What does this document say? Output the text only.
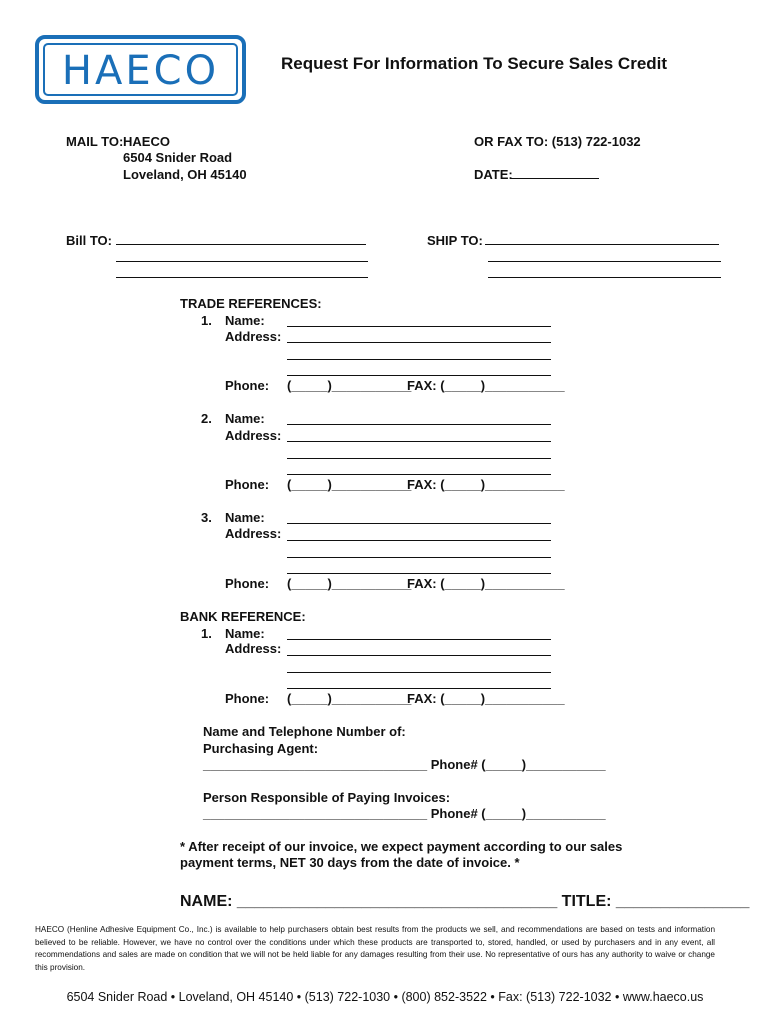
HAECO	Request For Information To Secure Sales Credit
MAIL TO: HAECO
6504 Snider Road
Loveland, OH 45140
OR FAX TO: (513) 722-1032
DATE:
Bill TO:	SHIP TO:
TRADE REFERENCES:
1. Name:
Address:
Phone: (_____)___________
FAX: (_____)___________
2. Name:
Address:
Phone: (_____)___________
FAX: (_____)___________
3. Name:
Address:
Phone: (_____)___________
FAX: (_____)___________
BANK REFERENCE:
1. Name:
Address:
Phone: (_____)___________
FAX: (_____)___________
Name and Telephone Number of:
Purchasing Agent:
_______________________________ Phone# (_____)___________
Person Responsible of Paying Invoices:
_______________________________ Phone# (_____)___________
* After receipt of our invoice, we expect payment according to our sales
payment terms, NET 30 days from the date of invoice. *
NAME: ____________________________________ TITLE: _______________
HAECO (Henline Adhesive Equipment Co., Inc.) is available to help purchasers obtain best results from the products we sell, and recommendations are based on tests and information believed to be reliable. However, we have no control over the conditions under which these products are transported to, stored, handled, or used by purchasers and in any event, all recommendations and sales are made on condition that we will not be held liable for any damages resulting from their use. No representative of ours has any authority to waive or change this provision.
6504 Snider Road • Loveland, OH 45140 • (513) 722-1030 • (800) 852-3522 • Fax: (513) 722-1032 • www.haeco.us
